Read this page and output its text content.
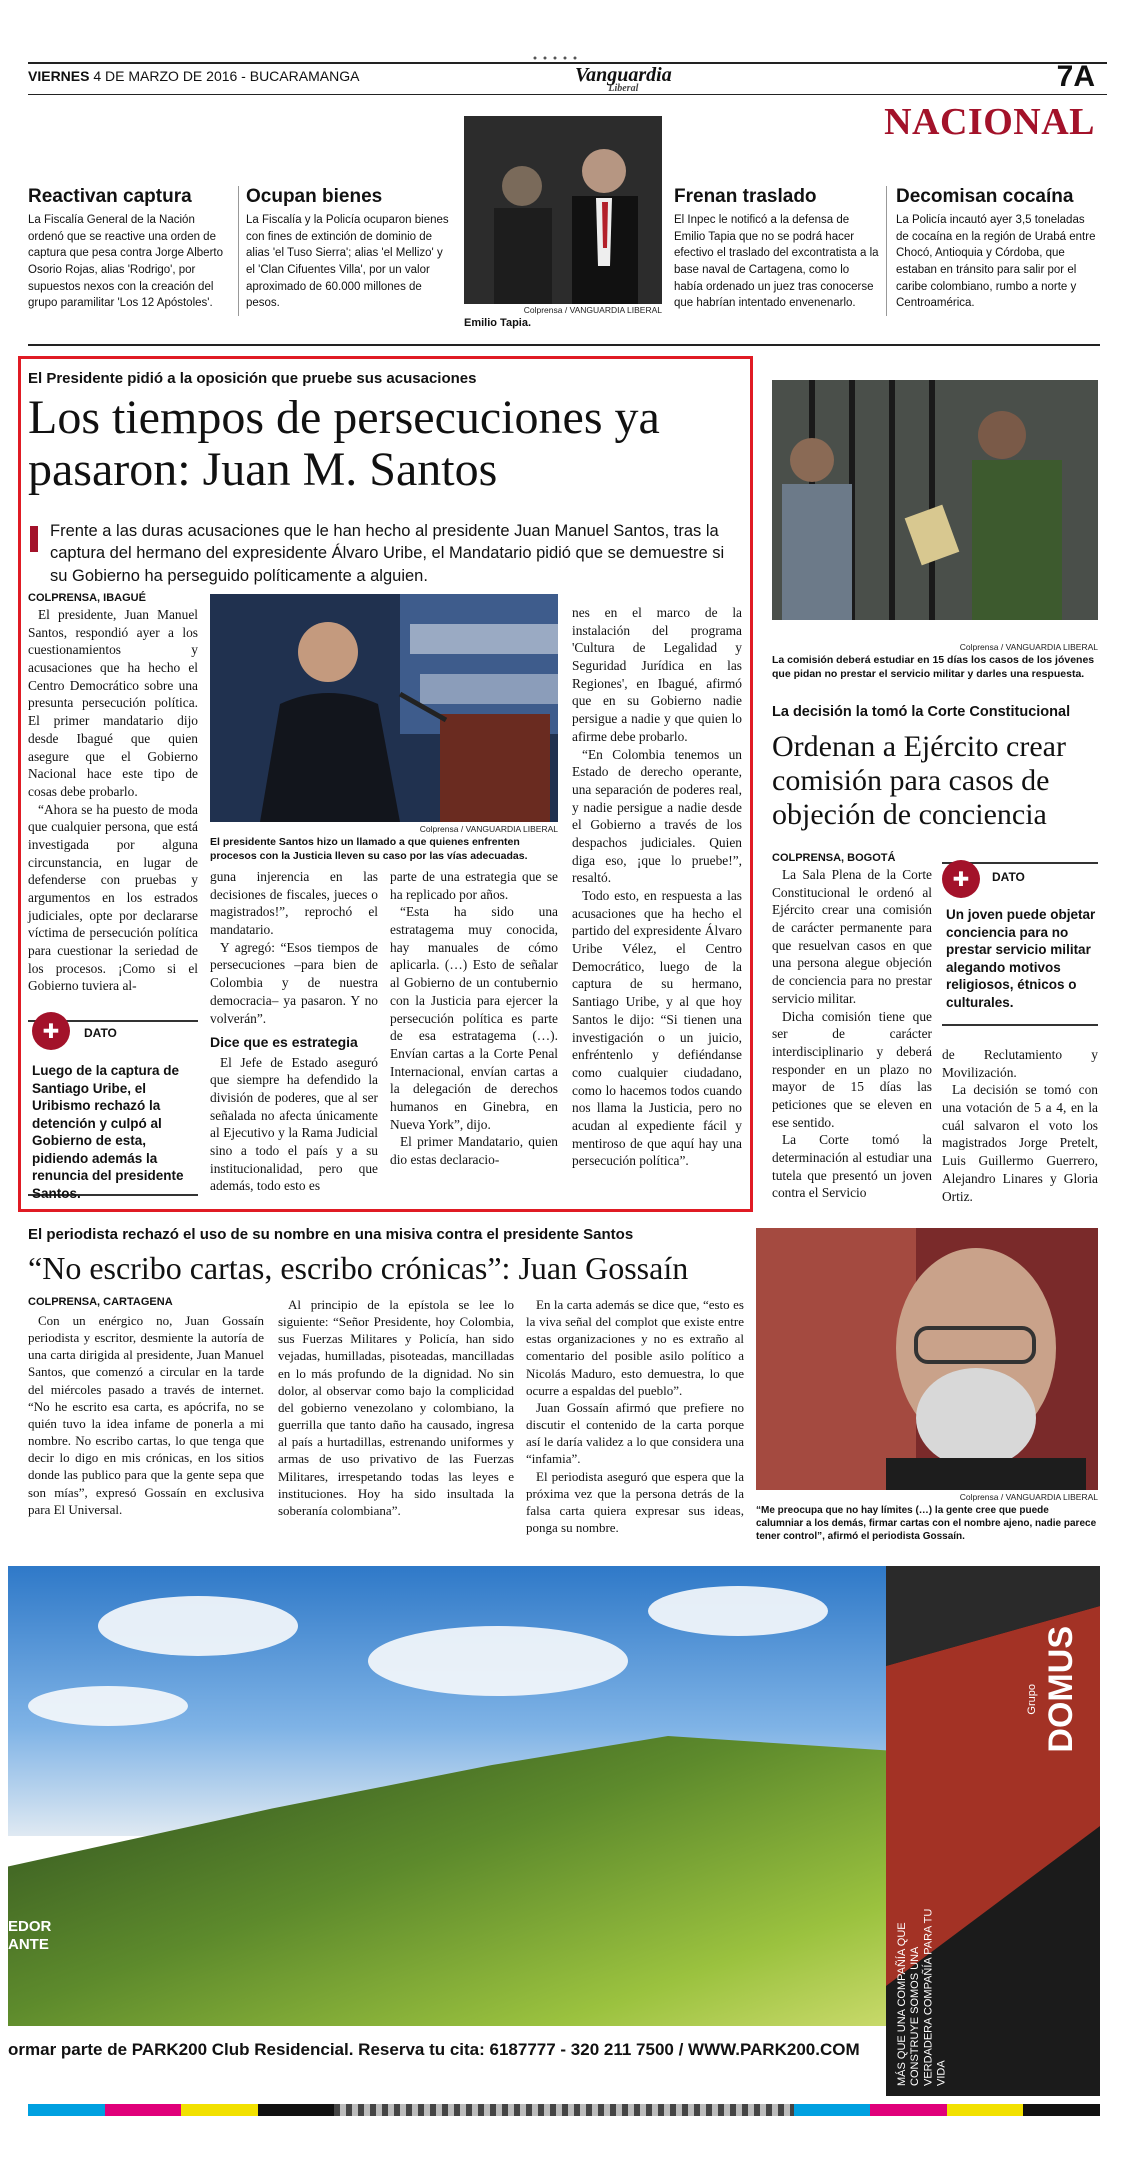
VIERNES 4 DE MARZO DE 2016 - BUCARAMANGA	Vanguardia
Liberal	7A
NACIONAL
Reactivan captura

La Fiscalía General de la Nación ordenó que se reactive una orden de captura que pesa contra Jorge Alberto Osorio Rojas, alias 'Rodrigo', por supuestos nexos con la creación del grupo paramilitar 'Los 12 Apóstoles'.

Ocupan bienes

La Fiscalía y la Policía ocuparon bienes con fines de extinción de dominio de alias 'el Tuso Sierra'; alias 'el Mellizo' y el 'Clan Cifuentes Villa', por un valor aproximado de 60.000 millones de pesos.

Colprensa / VANGUARDIA LIBERAL
Emilio Tapia.
Frenan traslado

El Inpec le notificó a la defensa de Emilio Tapia que no se podrá hacer efectivo el traslado del excontratista a la base naval de Cartagena, como lo había ordenado un juez tras conocerse que habrían intentado envenenarlo.

Decomisan cocaína

La Policía incautó ayer 3,5 toneladas de cocaína en la región de Urabá entre Chocó, Antioquia y Córdoba, que estaban en tránsito para salir por el caribe colombiano, rumbo a norte y Centroamérica.

El Presidente pidió a la oposición que pruebe sus acusaciones
Los tiempos de persecuciones ya pasaron: Juan M. Santos
Frente a las duras acusaciones que le han hecho al presidente Juan Manuel Santos, tras la captura del hermano del expresidente Álvaro Uribe, el Mandatario pidió que se demuestre si su Gobierno ha perseguido políticamente a alguien.
COLPRENSA, IBAGUÉ

El presidente, Juan Manuel Santos, respondió ayer a los cuestionamientos y acusaciones que ha hecho el Centro Democrático sobre una presunta persecución política. El primer mandatario dijo desde Ibagué que quien asegure que el Gobierno Nacional hace este tipo de cosas debe probarlo.

“Ahora se ha puesto de moda que cualquier persona, que está investigada por alguna circunstancia, en lugar de defenderse con pruebas y argumentos en los estrados judiciales, opte por declararse víctima de persecución política para cuestionar la seriedad de los procesos. ¡Como si el Gobierno tuviera al-

✚	DATO
Luego de la captura de Santiago Uribe, el Uribismo rechazó la detención y culpó al Gobierno de esta, pidiendo además la renuncia del presidente Santos.
Colprensa / VANGUARDIA LIBERAL
El presidente Santos hizo un llamado a que quienes enfrenten procesos con la Justicia lleven su caso por las vías adecuadas.

guna injerencia en las decisiones de fiscales, jueces o magistrados!”, reprochó el mandatario.

Y agregó: “Esos tiempos de persecuciones –para bien de Colombia y de nuestra democracia– ya pasaron. Y no volverán”.

Dice que es estrategia

El Jefe de Estado aseguró que siempre ha defendido la división de poderes, que al ser señalada no afecta únicamente al Ejecutivo y la Rama Judicial sino a todo el país y a su institucionalidad, pero que además, todo esto es

parte de una estrategia que se ha replicado por años.

“Esta ha sido una estratagema muy conocida, hay manuales de cómo aplicarla. (…) Esto de señalar al Gobierno de un contubernio con la Justicia para ejercer la persecución política es parte de esa estratagema (…). Envían cartas a la Corte Penal Internacional, envían cartas a la delegación de derechos humanos en Ginebra, en Nueva York”, dijo.

El primer Mandatario, quien dio estas declaracio-

nes en el marco de la instalación del programa 'Cultura de Legalidad y Seguridad Jurídica en las Regiones', en Ibagué, afirmó que en su Gobierno nadie persigue a nadie y que quien lo afirme debe probarlo.

“En Colombia tenemos un Estado de derecho operante, una separación de poderes real, y nadie persigue a nadie desde el Gobierno a través de los despachos judiciales. Quien diga eso, ¡que lo pruebe!”, resaltó.

Todo esto, en respuesta a las acusaciones que ha hecho el partido del expresidente Álvaro Uribe Vélez, el Centro Democrático, luego de la captura de su hermano, Santiago Uribe, y al que hoy Santos le dijo: “Si tienen una investigación o un juicio, enfréntenlo y defiéndanse como cualquier ciudadano, como lo hacemos todos cuando nos llama la Justicia, pero no acudan al expediente fácil y mentiroso de que aquí hay una persecución política”.

Colprensa / VANGUARDIA LIBERAL
La comisión deberá estudiar en 15 días los casos de los jóvenes que pidan no prestar el servicio militar y darles una respuesta.
La decisión la tomó la Corte Constitucional
Ordenan a Ejército crear comisión para casos de objeción de conciencia
COLPRENSA, BOGOTÁ

La Sala Plena de la Corte Constitucional le ordenó al Ejército crear una comisión de carácter permanente para que resuelvan casos en que una persona alegue objeción de conciencia para no prestar servicio militar.

Dicha comisión tiene que ser de carácter interdisciplinario y deberá responder en un plazo no mayor de 15 días las peticiones que se eleven en ese sentido.

La Corte tomó la determinación al estudiar una tutela que presentó un joven contra el Servicio

✚	DATO
Un joven puede objetar conciencia para no prestar servicio militar alegando motivos religiosos, étnicos o culturales.

de Reclutamiento y Movilización.

La decisión se tomó con una votación de 5 a 4, en la cuál salvaron el voto los magistrados Jorge Pretelt, Luis Guillermo Guerrero, Alejandro Linares y Gloria Ortiz.

El periodista rechazó el uso de su nombre en una misiva contra el presidente Santos
“No escribo cartas, escribo crónicas”: Juan Gossaín
COLPRENSA, CARTAGENA

Con un enérgico no, Juan Gossaín periodista y escritor, desmiente la autoría de una carta dirigida al presidente, Juan Manuel Santos, que comenzó a circular en la tarde del miércoles pasado a través de internet. “No he escrito esa carta, es apócrifa, no se quién tuvo la idea infame de ponerla a mi nombre. No escribo cartas, lo que tenga que decir lo digo en mis crónicas, en los sitios donde las publico para que la gente sepa que son mías”, expresó Gossaín en exclusiva para El Universal.

Al principio de la epístola se lee lo siguiente: “Señor Presidente, hoy Colombia, sus Fuerzas Militares y Policía, han sido vejadas, humilladas, pisoteadas, mancilladas en lo más profundo de la dignidad. No sin dolor, al observar como bajo la complicidad del gobierno venezolano y colombiano, la guerrilla que tanto daño ha causado, ingresa al país a hurtadillas, estrenando uniformes y armas de uso privativo de las Fuerzas Militares, irrespetando todas las leyes e instituciones. Hoy ha sido insultada la soberanía colombiana”.

En la carta además se dice que, “esto es la viva señal del complot que existe entre estas organizaciones y no es extraño al comentario del posible asilo político a Nicolás Maduro, esto demuestra, lo que ocurre a espaldas del pueblo”.

Juan Gossaín afirmó que prefiere no discutir el contenido de la carta porque así le daría validez a lo que considera una “infamia”.

El periodista aseguró que espera que la próxima vez que la persona detrás de la falsa carta quiera expresar sus ideas, ponga su nombre.

Colprensa / VANGUARDIA LIBERAL
“Me preocupa que no hay límites (…) la gente cree que puede calumniar a los demás, firmar cartas con el nombre ajeno, nadie parece tener control”, afirmó el periodista Gossaín.
EDOR
ANTE
ormar parte de PARK200 Club Residencial. Reserva tu cita: 6187777 - 320 211 7500 / WWW.PARK200.COM
Grupo DOMUS
MÁS QUE UNA COMPAÑÍA QUE CONSTRUYE SOMOS UNA VERDADERA COMPAÑÍA PARA TU VIDA
